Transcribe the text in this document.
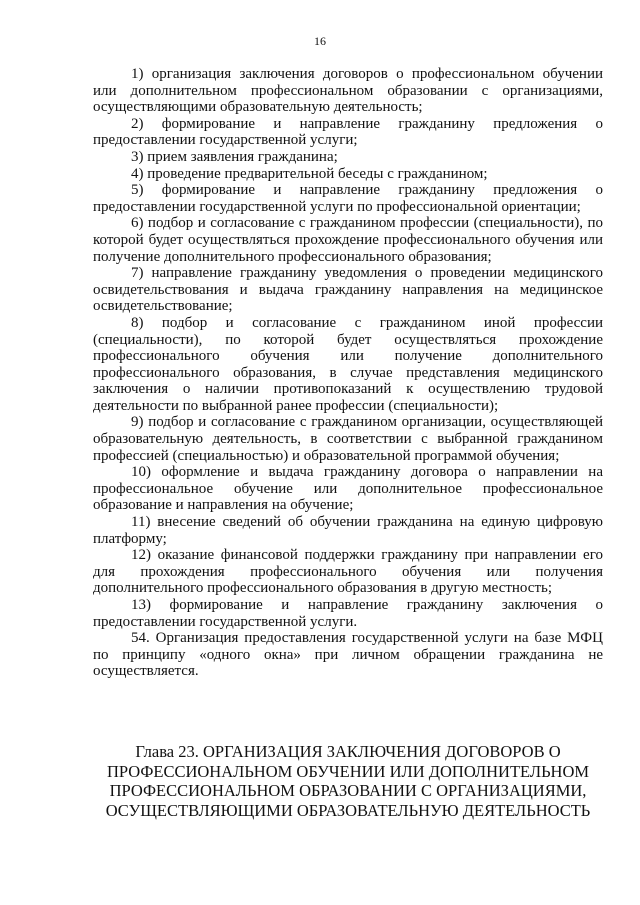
16

1) организация заключения договоров о профессиональном обучении или дополнительном профессиональном образовании с организациями, осуществляющими образовательную деятельность;

2) формирование и направление гражданину предложения о предоставлении государственной услуги;

3) прием заявления гражданина;

4) проведение предварительной беседы с гражданином;

5) формирование и направление гражданину предложения о предоставлении государственной услуги по профессиональной ориентации;

6) подбор и согласование с гражданином профессии (специальности), по которой будет осуществляться прохождение профессионального обучения или получение дополнительного профессионального образования;

7) направление гражданину уведомления о проведении медицинского освидетельствования и выдача гражданину направления на медицинское освидетельствование;

8) подбор и согласование с гражданином иной профессии (специальности), по которой будет осуществляться прохождение профессионального обучения или получение дополнительного профессионального образования, в случае представления медицинского заключения о наличии противопоказаний к осуществлению трудовой деятельности по выбранной ранее профессии (специальности);

9) подбор и согласование с гражданином организации, осуществляющей образовательную деятельность, в соответствии с выбранной гражданином профессией (специальностью) и образовательной программой обучения;

10) оформление и выдача гражданину договора о направлении на профессиональное обучение или дополнительное профессиональное образование и направления на обучение;

11) внесение сведений об обучении гражданина на единую цифровую платформу;

12) оказание финансовой поддержки гражданину при направлении его для прохождения профессионального обучения или получения дополнительного профессионального образования в другую местность;

13) формирование и направление гражданину заключения о предоставлении государственной услуги.

54. Организация предоставления государственной услуги на базе МФЦ по принципу «одного окна» при личном обращении гражданина не осуществляется.

Глава 23. ОРГАНИЗАЦИЯ ЗАКЛЮЧЕНИЯ ДОГОВОРОВ О ПРОФЕССИОНАЛЬНОМ ОБУЧЕНИИ ИЛИ ДОПОЛНИТЕЛЬНОМ ПРОФЕССИОНАЛЬНОМ ОБРАЗОВАНИИ С ОРГАНИЗАЦИЯМИ, ОСУЩЕСТВЛЯЮЩИМИ ОБРАЗОВАТЕЛЬНУЮ ДЕЯТЕЛЬНОСТЬ
